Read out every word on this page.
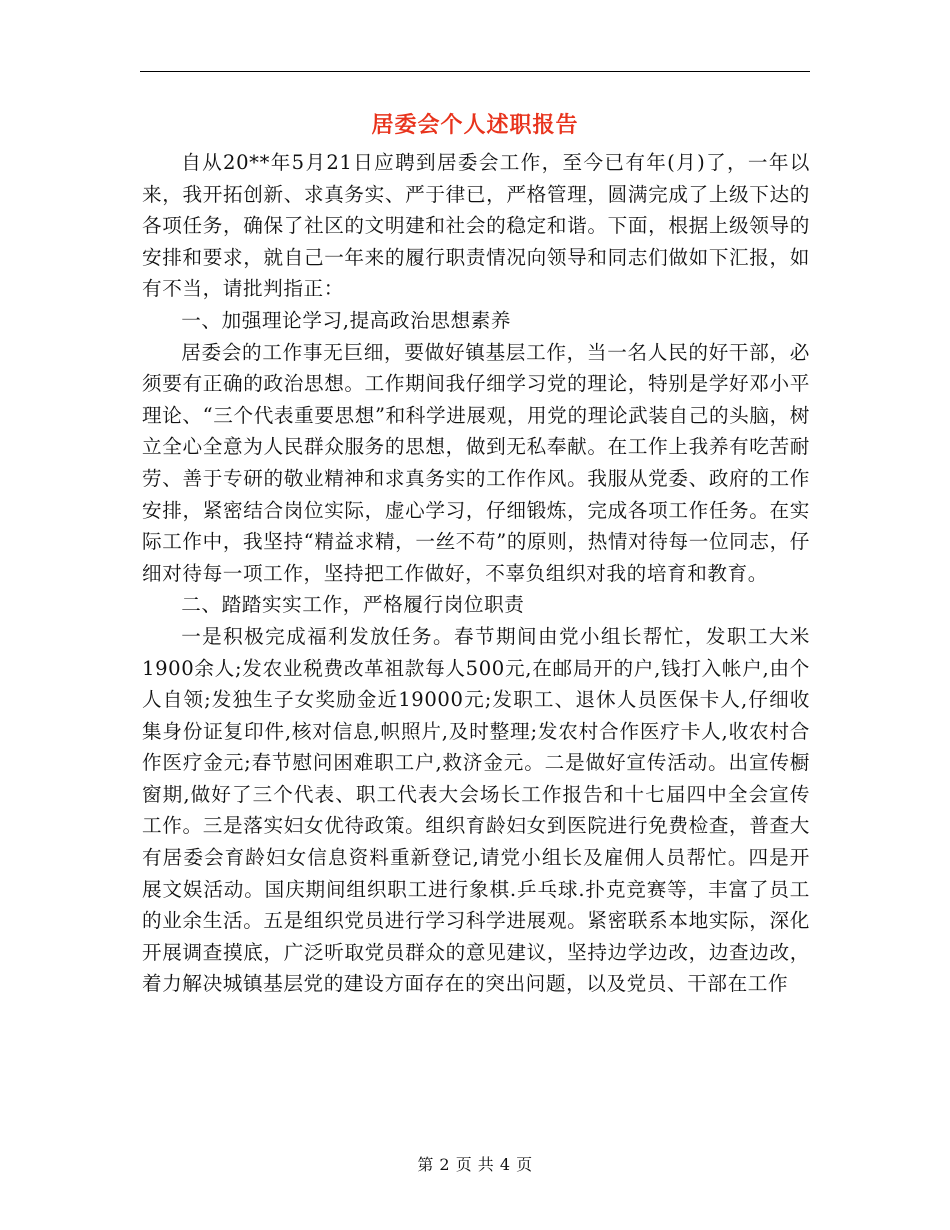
居委会个人述职报告

自从20**年5月21日应聘到居委会工作，至今已有年(月)了，一年以来，我开拓创新、求真务实、严于律已，严格管理，圆满完成了上级下达的各项任务，确保了社区的文明建和社会的稳定和谐。下面，根据上级领导的安排和要求，就自己一年来的履行职责情况向领导和同志们做如下汇报，如有不当，请批判指正：

一、加强理论学习,提高政治思想素养

居委会的工作事无巨细，要做好镇基层工作，当一名人民的好干部，必须要有正确的政治思想。工作期间我仔细学习党的理论，特别是学好邓小平理论、“三个代表重要思想”和科学进展观，用党的理论武装自己的头脑，树立全心全意为人民群众服务的思想，做到无私奉献。在工作上我养有吃苦耐劳、善于专研的敬业精神和求真务实的工作作风。我服从党委、政府的工作安排，紧密结合岗位实际，虚心学习，仔细锻炼，完成各项工作任务。在实际工作中，我坚持“精益求精，一丝不苟”的原则，热情对待每一位同志，仔细对待每一项工作，坚持把工作做好，不辜负组织对我的培育和教育。

二、踏踏实实工作，严格履行岗位职责

一是积极完成福利发放任务。春节期间由党小组长帮忙，发职工大米1900余人;发农业税费改革祖款每人500元,在邮局开的户,钱打入帐户,由个人自领;发独生子女奖励金近19000元;发职工、退休人员医保卡人,仔细收集身份证复印件,核对信息,帜照片,及时整理;发农村合作医疗卡人,收农村合作医疗金元;春节慰问困难职工户,救济金元。二是做好宣传活动。出宣传橱窗期,做好了三个代表、职工代表大会场长工作报告和十七届四中全会宣传工作。三是落实妇女优待政策。组织育龄妇女到医院进行免费检查，普查大有居委会育龄妇女信息资料重新登记,请党小组长及雇佣人员帮忙。四是开展文娱活动。国庆期间组织职工进行象棋.乒乓球.扑克竞赛等，丰富了员工的业余生活。五是组织党员进行学习科学进展观。紧密联系本地实际，深化开展调查摸底，广泛听取党员群众的意见建议，坚持边学边改，边查边改，着力解决城镇基层党的建设方面存在的突出问题，以及党员、干部在工作

第 2 页 共 4 页
